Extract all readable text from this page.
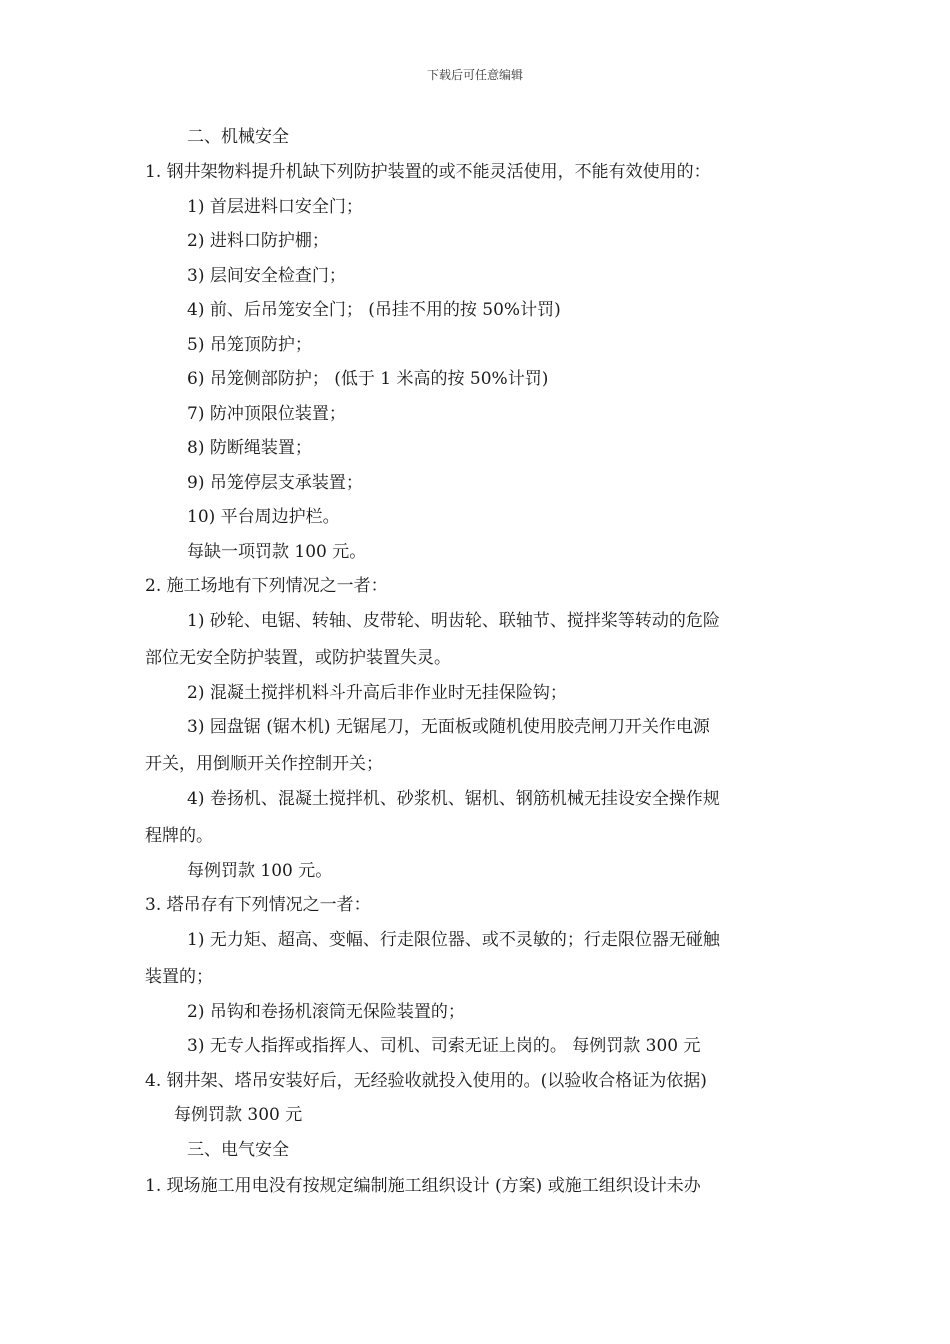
下载后可任意编辑
二、机械安全
1. 钢井架物料提升机缺下列防护装置的或不能灵活使用，不能有效使用的：
1) 首层进料口安全门；
2) 进料口防护棚；
3) 层间安全检查门；
4) 前、后吊笼安全门； (吊挂不用的按 50%计罚)
5) 吊笼顶防护；
6) 吊笼侧部防护； (低于 1 米高的按 50%计罚)
7) 防冲顶限位装置；
8) 防断绳装置；
9) 吊笼停层支承装置；
10) 平台周边护栏。
每缺一项罚款 100 元。
2. 施工场地有下列情况之一者：
1) 砂轮、电锯、转轴、皮带轮、明齿轮、联轴节、搅拌桨等转动的危险
部位无安全防护装置，或防护装置失灵。
2) 混凝土搅拌机料斗升高后非作业时无挂保险钩；
3) 园盘锯 (锯木机) 无锯尾刀，无面板或随机使用胶壳闸刀开关作电源
开关，用倒顺开关作控制开关；
4) 卷扬机、混凝土搅拌机、砂浆机、锯机、钢筋机械无挂设安全操作规
程牌的。
每例罚款 100 元。
3. 塔吊存有下列情况之一者：
1) 无力矩、超高、变幅、行走限位器、或不灵敏的；行走限位器无碰触
装置的；
2) 吊钩和卷扬机滚筒无保险装置的；
3) 无专人指挥或指挥人、司机、司索无证上岗的。 每例罚款 300 元
4. 钢井架、塔吊安装好后，无经验收就投入使用的。(以验收合格证为依据)
每例罚款 300 元
三、电气安全
1. 现场施工用电没有按规定编制施工组织设计 (方案) 或施工组织设计未办
